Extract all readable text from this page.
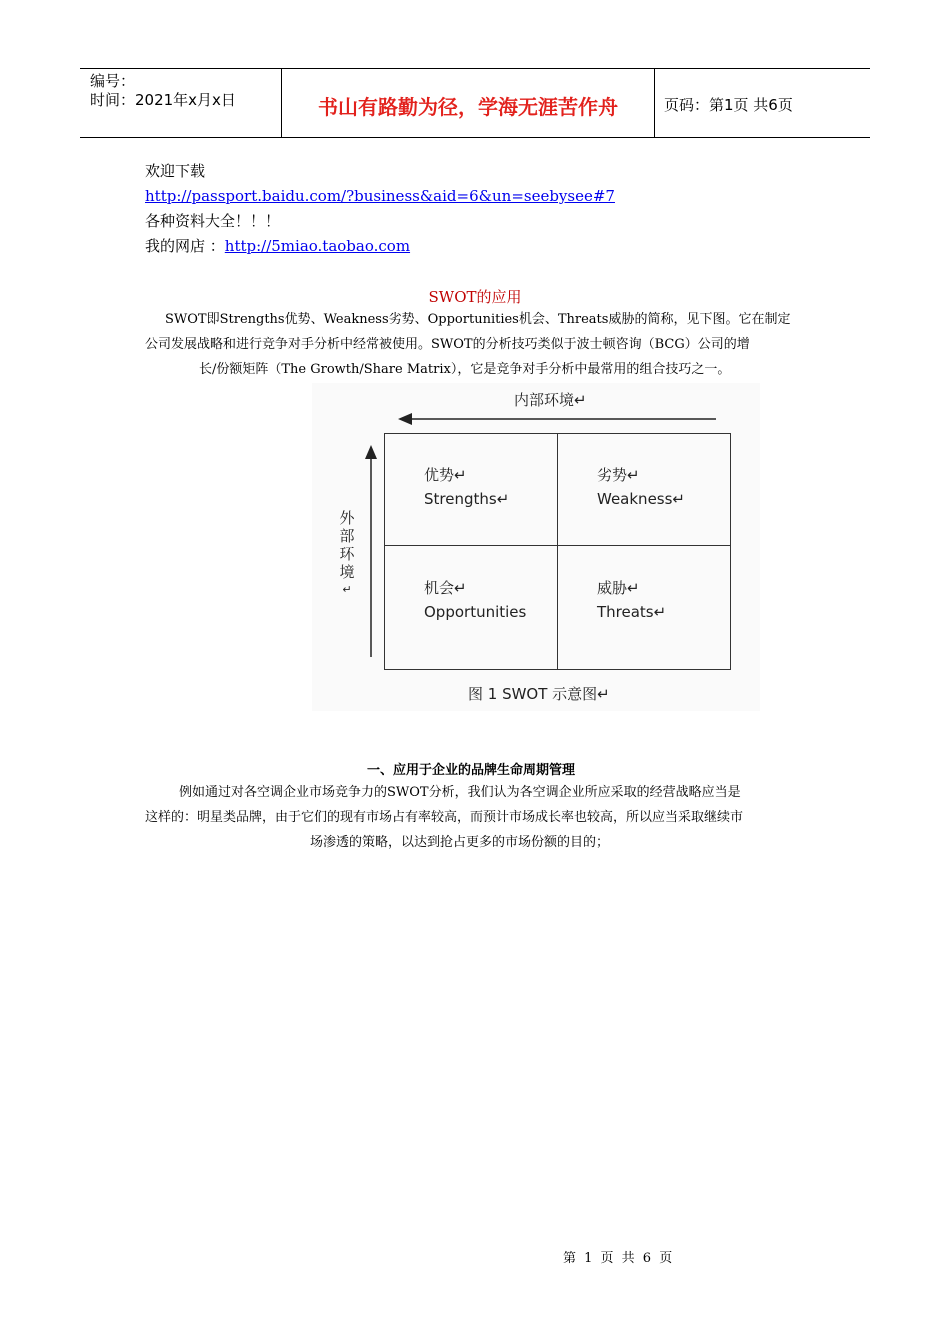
编号：
时间：2021年x月x日	书山有路勤为径，学海无涯苦作舟	页码：第1页 共6页
欢迎下载
http://passport.baidu.com/?business&aid=6&un=seebysee#7
各种资料大全！！！
我的网店 ：http://5miao.taobao.com
SWOT的应用
SWOT即Strengths优势、Weakness劣势、Opportunities机会、Threats威胁的简称，见下图。它在制定
公司发展战略和进行竞争对手分析中经常被使用。SWOT的分析技巧类似于波士顿咨询（BCG）公司的增
长/份额矩阵（The Growth/Share Matrix），它是竞争对手分析中最常用的组合技巧之一。
内部环境↵
外部环境
↵
优势↵
Strengths↵
劣势↵
Weakness↵
机会↵
Opportunities
威胁↵
Threats↵
图 1 SWOT 示意图↵
一、应用于企业的品牌生命周期管理
例如通过对各空调企业市场竞争力的SWOT分析，我们认为各空调企业所应采取的经营战略应当是
这样的：明星类品牌，由于它们的现有市场占有率较高，而预计市场成长率也较高，所以应当采取继续市
场渗透的策略，以达到抢占更多的市场份额的目的；
第 1 页 共 6 页
